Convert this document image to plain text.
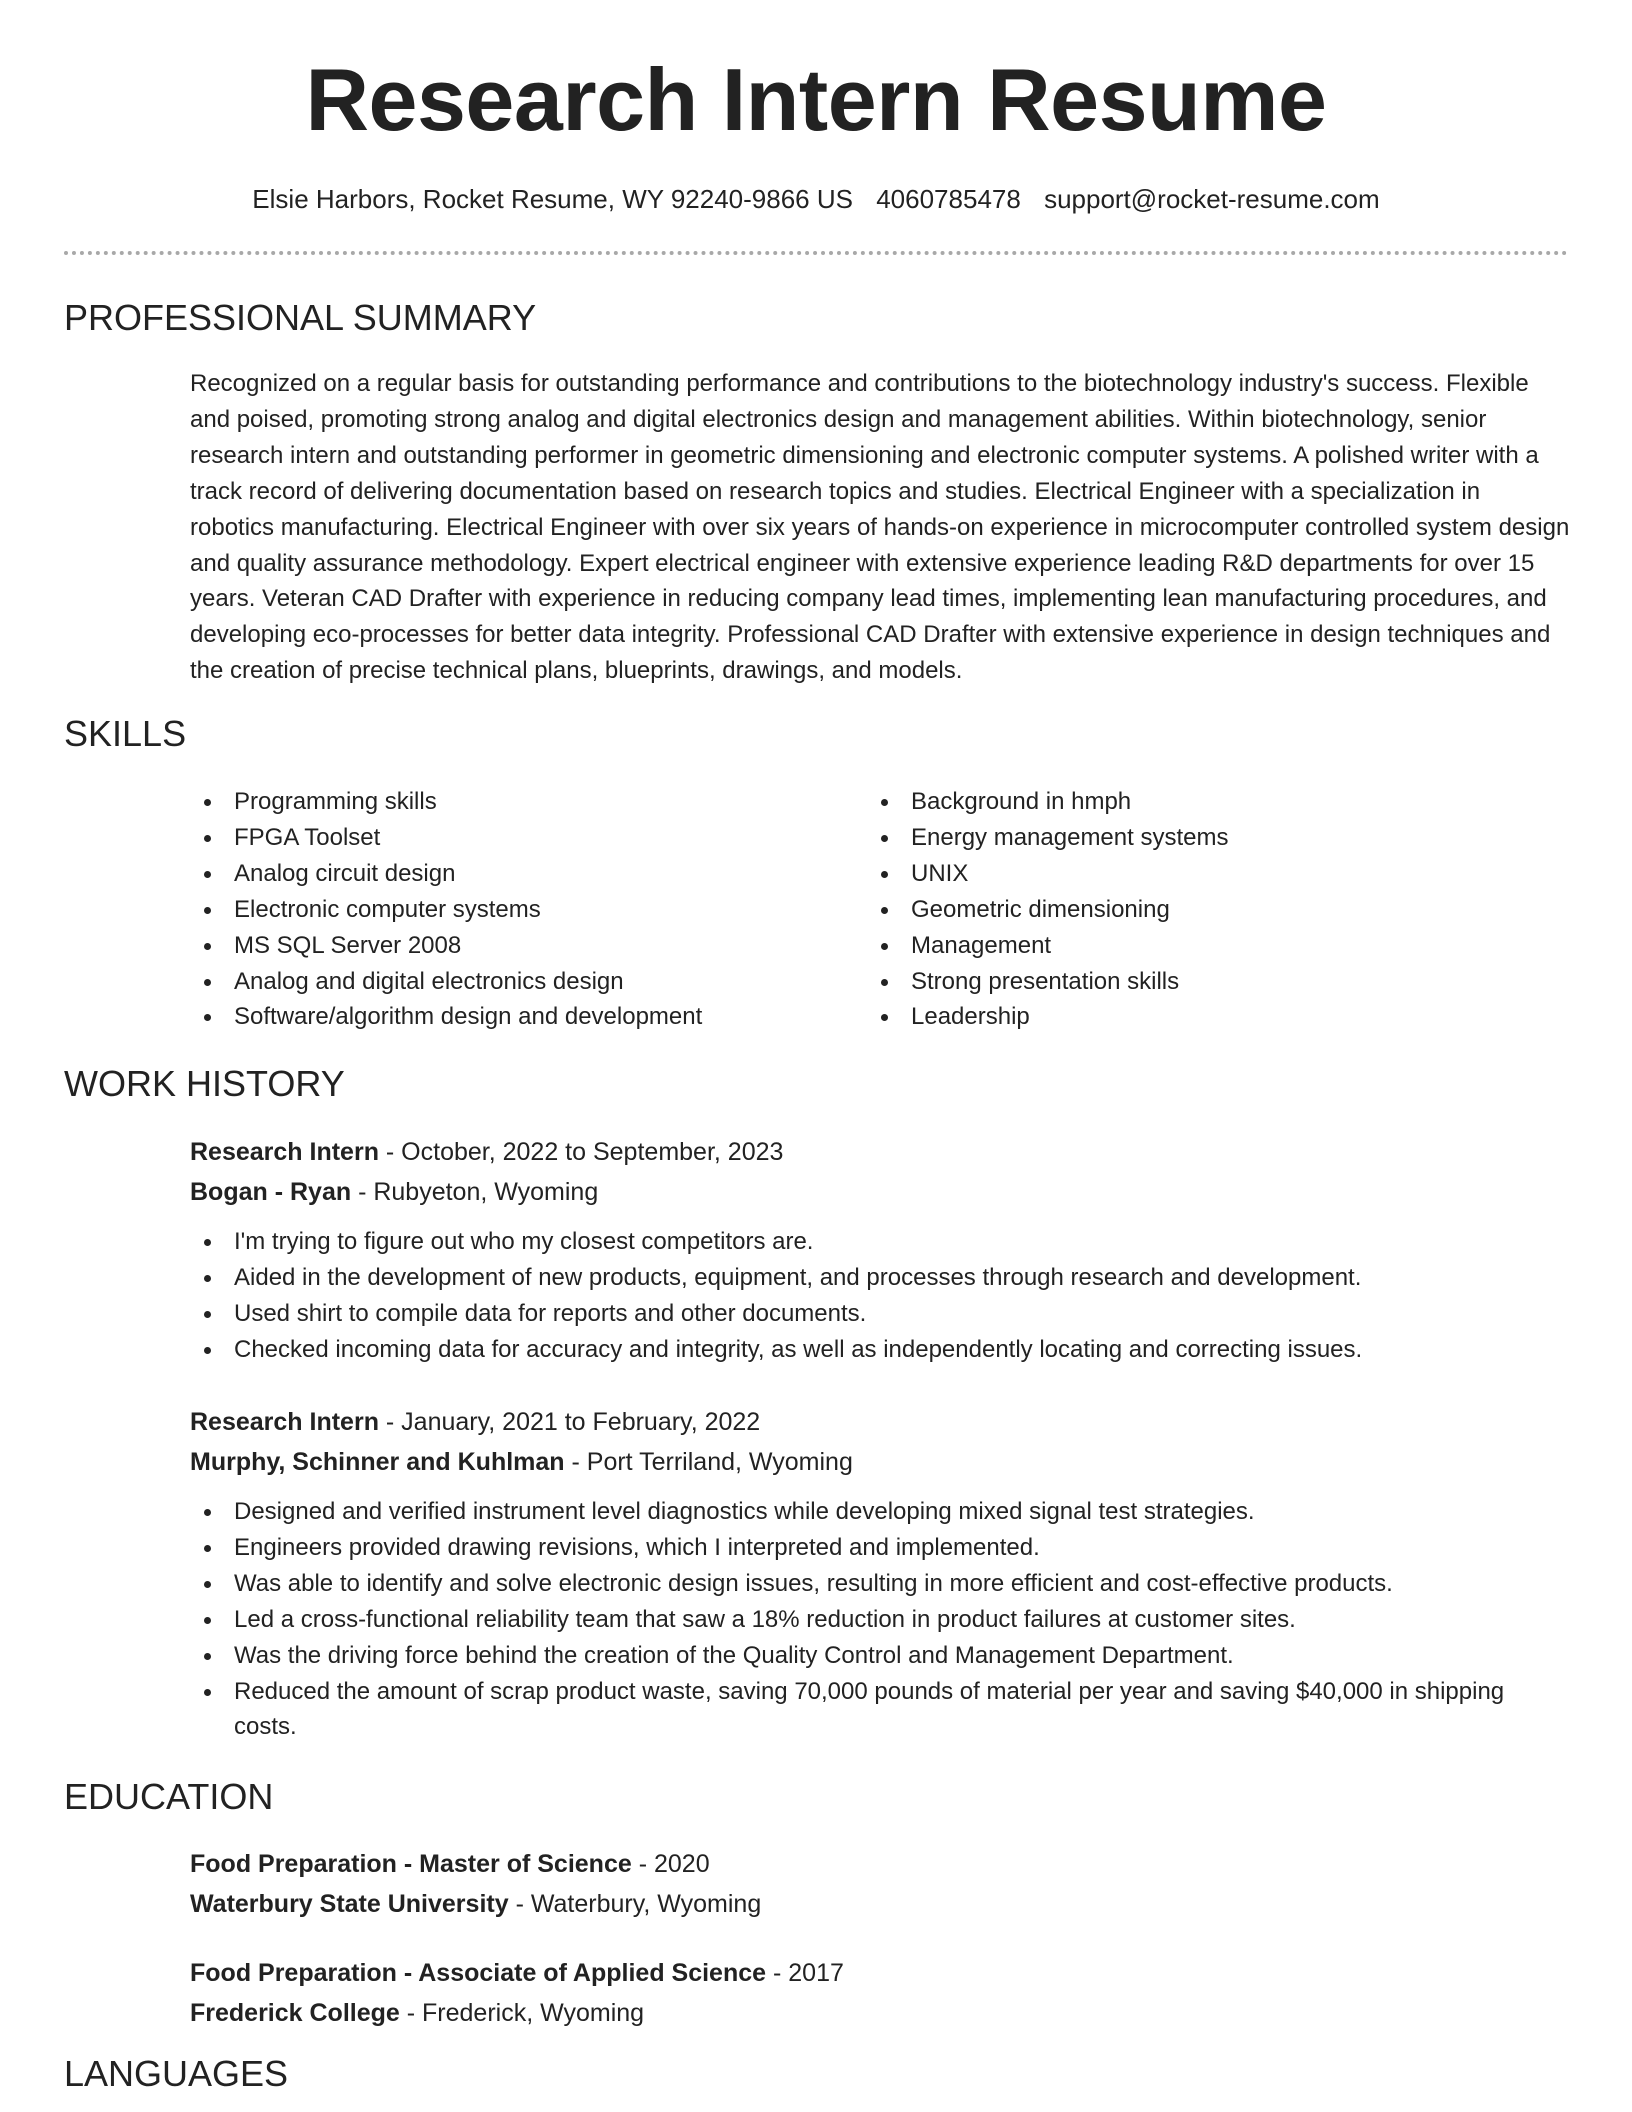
Research Intern Resume
Elsie Harbors, Rocket Resume, WY 92240-9866 US 4060785478 support@rocket-resume.com
PROFESSIONAL SUMMARY

Recognized on a regular basis for outstanding performance and contributions to the biotechnology industry's success. Flexible and poised, promoting strong analog and digital electronics design and management abilities. Within biotechnology, senior research intern and outstanding performer in geometric dimensioning and electronic computer systems. A polished writer with a track record of delivering documentation based on research topics and studies. Electrical Engineer with a specialization in robotics manufacturing. Electrical Engineer with over six years of hands-on experience in microcomputer controlled system design and quality assurance methodology. Expert electrical engineer with extensive experience leading R&D departments for over 15 years. Veteran CAD Drafter with experience in reducing company lead times, implementing lean manufacturing procedures, and developing eco-processes for better data integrity. Professional CAD Drafter with extensive experience in design techniques and the creation of precise technical plans, blueprints, drawings, and models.

SKILLS
Programming skills
FPGA Toolset
Analog circuit design
Electronic computer systems
MS SQL Server 2008
Analog and digital electronics design
Software/algorithm design and development
Background in hmph
Energy management systems
UNIX
Geometric dimensioning
Management
Strong presentation skills
Leadership
WORK HISTORY
Research Intern - October, 2022 to September, 2023
Bogan - Ryan - Rubyeton, Wyoming
I'm trying to figure out who my closest competitors are.
Aided in the development of new products, equipment, and processes through research and development.
Used shirt to compile data for reports and other documents.
Checked incoming data for accuracy and integrity, as well as independently locating and correcting issues.
Research Intern - January, 2021 to February, 2022
Murphy, Schinner and Kuhlman - Port Terriland, Wyoming
Designed and verified instrument level diagnostics while developing mixed signal test strategies.
Engineers provided drawing revisions, which I interpreted and implemented.
Was able to identify and solve electronic design issues, resulting in more efficient and cost-effective products.
Led a cross-functional reliability team that saw a 18% reduction in product failures at customer sites.
Was the driving force behind the creation of the Quality Control and Management Department.
Reduced the amount of scrap product waste, saving 70,000 pounds of material per year and saving $40,000 in shipping costs.
EDUCATION
Food Preparation - Master of Science - 2020
Waterbury State University - Waterbury, Wyoming
Food Preparation - Associate of Applied Science - 2017
Frederick College - Frederick, Wyoming
LANGUAGES
